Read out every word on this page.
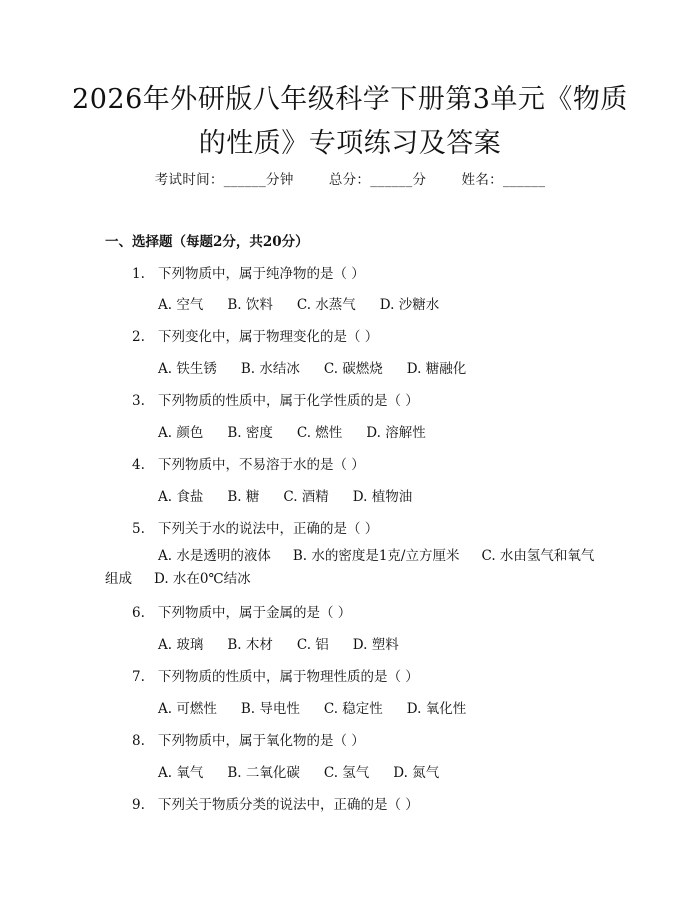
2026年外研版八年级科学下册第3单元《物质的性质》专项练习及答案
考试时间：______分钟	总分：______分	姓名：______
一、选择题（每题2分，共20分）
1. 下列物质中，属于纯净物的是（ ）
A. 空气 B. 饮料 C. 水蒸气 D. 沙糖水
2. 下列变化中，属于物理变化的是（ ）
A. 铁生锈 B. 水结冰 C. 碳燃烧 D. 糖融化
3. 下列物质的性质中，属于化学性质的是（ ）
A. 颜色 B. 密度 C. 燃性 D. 溶解性
4. 下列物质中，不易溶于水的是（ ）
A. 食盐 B. 糖 C. 酒精 D. 植物油
5. 下列关于水的说法中，正确的是（ ）
A. 水是透明的液体 B. 水的密度是1克/立方厘米 C. 水由氢气和氧气组成 D. 水在0℃结冰
6. 下列物质中，属于金属的是（ ）
A. 玻璃 B. 木材 C. 铝 D. 塑料
7. 下列物质的性质中，属于物理性质的是（ ）
A. 可燃性 B. 导电性 C. 稳定性 D. 氧化性
8. 下列物质中，属于氧化物的是（ ）
A. 氧气 B. 二氧化碳 C. 氢气 D. 氮气
9. 下列关于物质分类的说法中，正确的是（ ）
